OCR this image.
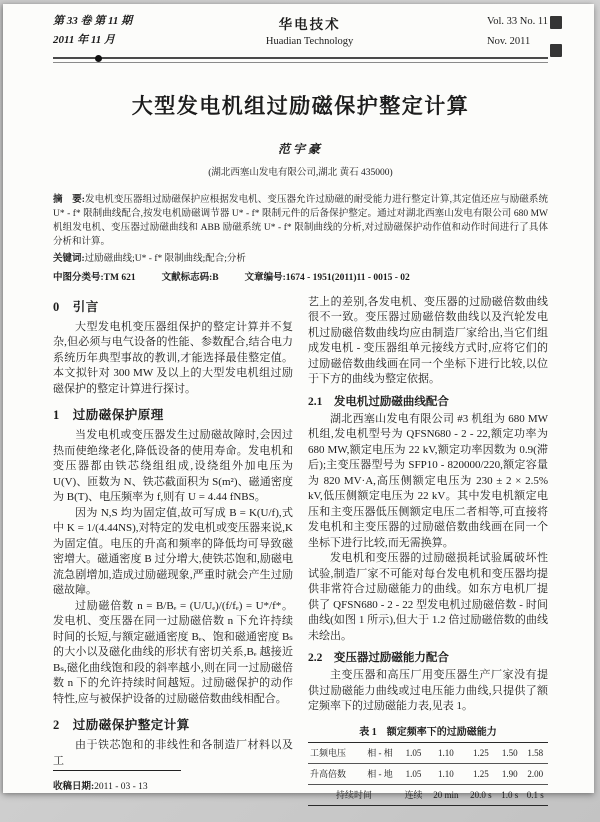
第 33 卷 第 11 期
2011 年 11 月
华电技术
Huadian Technology
Vol. 33 No. 11
Nov. 2011
大型发电机组过励磁保护整定计算
范宇豪
(湖北西塞山发电有限公司,湖北 黄石 435000)
摘　要:发电机变压器组过励磁保护应根据发电机、变压器允许过励磁的耐受能力进行整定计算,其定值还应与励磁系统 U* - f* 限制曲线配合,按发电机励磁调节器 U* - f* 限制元件的后备保护整定。通过对湖北西塞山发电有限公司 680 MW 机组发电机、变压器过励磁曲线和 ABB 励磁系统 U* - f* 限制曲线的分析,对过励磁保护动作值和动作时间进行了具体分析和计算。
关键词:过励磁曲线;U* - f* 限制曲线;配合;分析
中图分类号:TM 621	文献标志码:B	文章编号:1674 - 1951(2011)11 - 0015 - 02
0　引言

大型发电机变压器组保护的整定计算并不复杂,但必须与电气设备的性能、参数配合,结合电力系统历年典型事故的教训,才能选择最佳整定值。本文拟针对 300 MW 及以上的大型发电机组过励磁保护的整定计算进行探讨。

1　过励磁保护原理

当发电机或变压器发生过励磁故障时,会因过热而使绝缘老化,降低设备的使用寿命。发电机和变压器都由铁芯绕组组成,设绕组外加电压为 U(V)、匝数为 N、铁芯截面积为 S(m²)、磁通密度为 B(T)、电压频率为 f,则有 U = 4.44 fNBS。

因为 N,S 均为固定值,故可写成 B = K(U/f),式中 K = 1/(4.44NS),对特定的发电机或变压器来说,K 为固定值。电压的升高和频率的降低均可导致磁密增大。磁通密度 B 过分增大,使铁芯饱和,励磁电流急剧增加,造成过励磁现象,严重时就会产生过励磁故障。

过励磁倍数 n = B/Bₑ = (U/Uₑ)/(f/fₑ) = U*/f*。发电机、变压器在同一过励磁倍数 n 下允许持续时间的长短,与额定磁通密度 Bₑ、饱和磁通密度 Bₛ 的大小以及磁化曲线的形状有密切关系,Bₑ 越接近 Bₛ,磁化曲线饱和段的斜率越小,则在同一过励磁倍数 n 下的允许持续时间越短。过励磁保护的动作特性,应与被保护设备的过励磁倍数曲线相配合。

2　过励磁保护整定计算

由于铁芯饱和的非线性和各制造厂材料以及工

收稿日期:2011 - 03 - 13

艺上的差别,各发电机、变压器的过励磁倍数曲线很不一致。变压器过励磁倍数曲线以及汽轮发电机过励磁倍数曲线均应由制造厂家给出,当它们组成发电机 - 变压器组单元接线方式时,应将它们的过励磁倍数曲线画在同一个坐标下进行比较,以位于下方的曲线为整定依据。

2.1　发电机过励磁曲线配合

湖北西塞山发电有限公司 #3 机组为 680 MW 机组,发电机型号为 QFSN680 - 2 - 22,额定功率为 680 MW,额定电压为 22 kV,额定功率因数为 0.9(滞后);主变压器型号为 SFP10 - 820000/220,额定容量为 820 MV·A,高压侧额定电压为 230 ± 2 × 2.5% kV,低压侧额定电压为 22 kV。其中发电机额定电压和主变压器低压侧额定电压二者相等,可直接将发电机和主变压器的过励磁倍数曲线画在同一个坐标下进行比较,而无需换算。

发电机和变压器的过励磁损耗试验属破坏性试验,制造厂家不可能对每台发电机和变压器均提供非常符合过励磁能力的曲线。如东方电机厂提供了 QFSN680 - 2 - 22 型发电机过励磁倍数 - 时间曲线(如图 1 所示),但大于 1.2 倍过励磁倍数的曲线未绘出。

2.2　变压器过励磁能力配合

主变压器和高压厂用变压器生产厂家没有提供过励磁能力曲线或过电压能力曲线,只提供了额定频率下的过励磁能力表,见表 1。

表 1　额定频率下的过励磁能力
工频电压	相 - 相	1.05	1.10	1.25	1.50	1.58
升高倍数	相 - 地	1.05	1.10	1.25	1.90	2.00
持续时间		连续	20 min	20.0 s	1.0 s	0.1 s
